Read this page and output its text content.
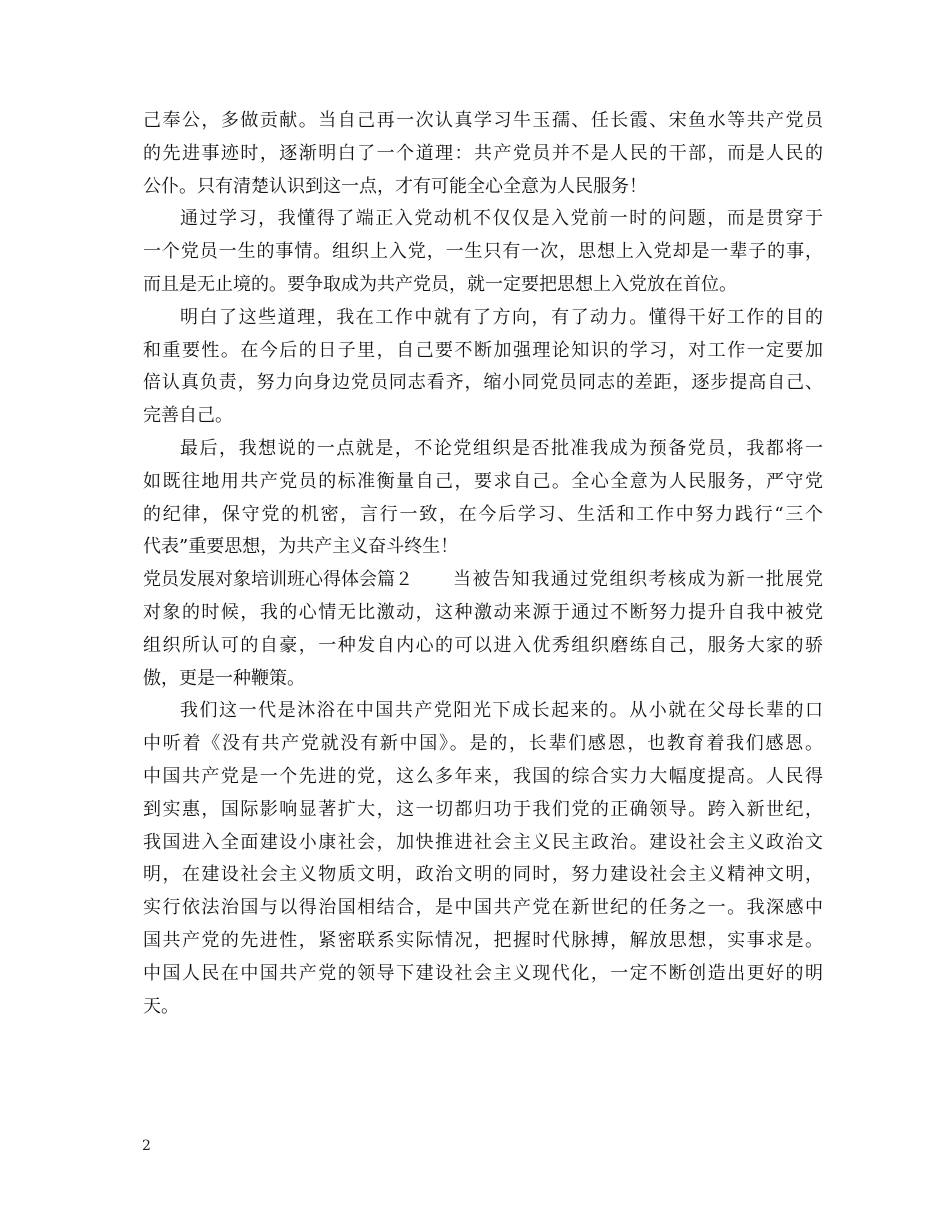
己奉公，多做贡献。当自己再一次认真学习牛玉孺、任长霞、宋鱼水等共产党员
的先进事迹时，逐渐明白了一个道理：共产党员并不是人民的干部，而是人民的
公仆。只有清楚认识到这一点，才有可能全心全意为人民服务！
通过学习，我懂得了端正入党动机不仅仅是入党前一时的问题，而是贯穿于
一个党员一生的事情。组织上入党，一生只有一次，思想上入党却是一辈子的事，
而且是无止境的。要争取成为共产党员，就一定要把思想上入党放在首位。
明白了这些道理，我在工作中就有了方向，有了动力。懂得干好工作的目的
和重要性。在今后的日子里，自己要不断加强理论知识的学习，对工作一定要加
倍认真负责，努力向身边党员同志看齐，缩小同党员同志的差距，逐步提高自己、
完善自己。
最后，我想说的一点就是，不论党组织是否批准我成为预备党员，我都将一
如既往地用共产党员的标准衡量自己，要求自己。全心全意为人民服务，严守党
的纪律，保守党的机密，言行一致，在今后学习、生活和工作中努力践行“三个
代表”重要思想，为共产主义奋斗终生！
党员发展对象培训班心得体会篇２	当被告知我通过党组织考核成为新一批展党
对象的时候，我的心情无比激动，这种激动来源于通过不断努力提升自我中被党
组织所认可的自豪，一种发自内心的可以进入优秀组织磨练自己，服务大家的骄
傲，更是一种鞭策。
我们这一代是沐浴在中国共产党阳光下成长起来的。从小就在父母长辈的口
中听着《没有共产党就没有新中国》。是的，长辈们感恩，也教育着我们感恩。
中国共产党是一个先进的党，这么多年来，我国的综合实力大幅度提高。人民得
到实惠，国际影响显著扩大，这一切都归功于我们党的正确领导。跨入新世纪，
我国进入全面建设小康社会，加快推进社会主义民主政治。建设社会主义政治文
明，在建设社会主义物质文明，政治文明的同时，努力建设社会主义精神文明，
实行依法治国与以得治国相结合，是中国共产党在新世纪的任务之一。我深感中
国共产党的先进性，紧密联系实际情况，把握时代脉搏，解放思想，实事求是。
中国人民在中国共产党的领导下建设社会主义现代化，一定不断创造出更好的明
天。
2
